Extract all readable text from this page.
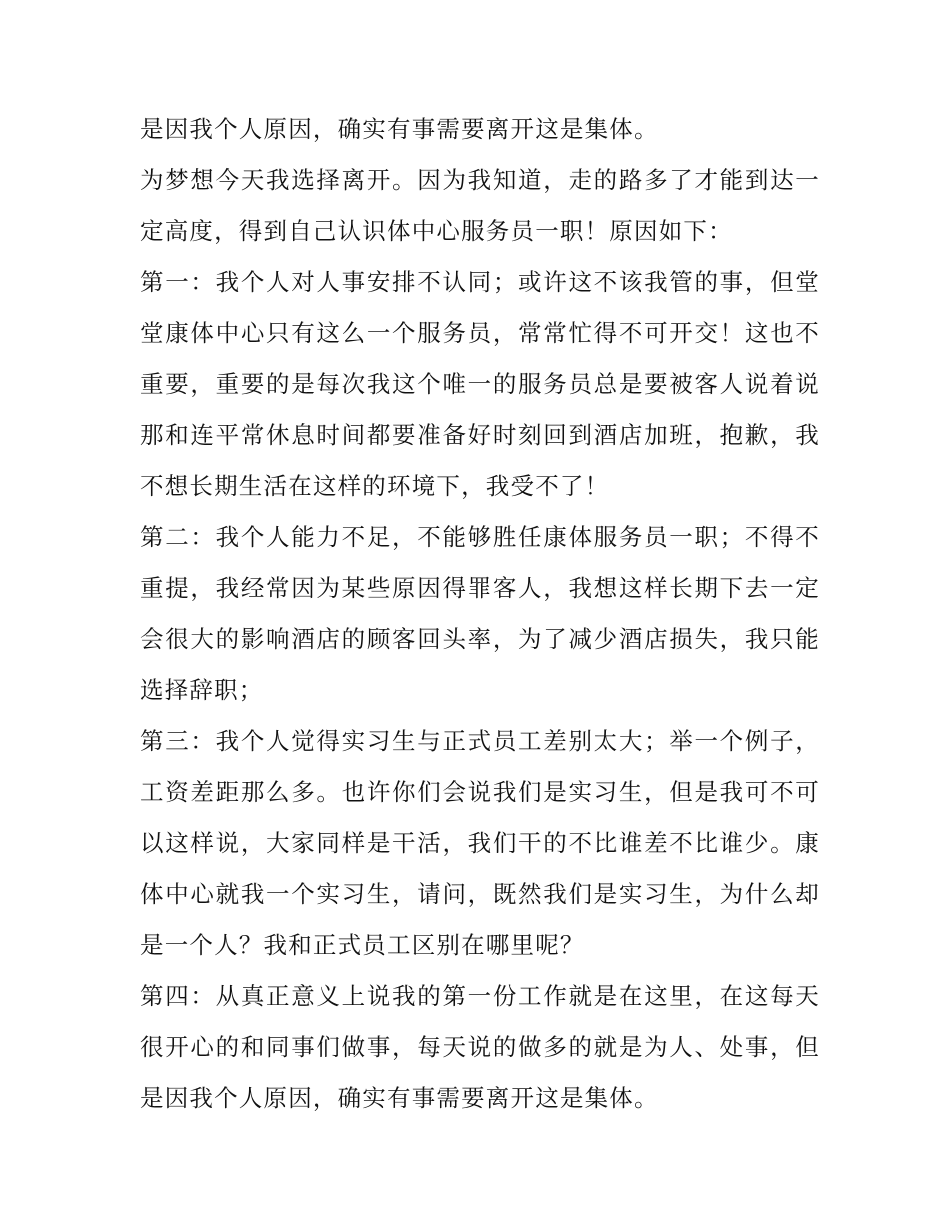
是因我个人原因，确实有事需要离开这是集体。

为梦想今天我选择离开。因为我知道，走的路多了才能到达一定高度，得到自己认识体中心服务员一职！原因如下：

第一：我个人对人事安排不认同；或许这不该我管的事，但堂堂康体中心只有这么一个服务员，常常忙得不可开交！这也不重要，重要的是每次我这个唯一的服务员总是要被客人说着说那和连平常休息时间都要准备好时刻回到酒店加班，抱歉，我不想长期生活在这样的环境下，我受不了！

第二：我个人能力不足，不能够胜任康体服务员一职；不得不重提，我经常因为某些原因得罪客人，我想这样长期下去一定会很大的影响酒店的顾客回头率，为了减少酒店损失，我只能选择辞职；

第三：我个人觉得实习生与正式员工差别太大；举一个例子，工资差距那么多。也许你们会说我们是实习生，但是我可不可以这样说，大家同样是干活，我们干的不比谁差不比谁少。康体中心就我一个实习生，请问，既然我们是实习生，为什么却是一个人？我和正式员工区别在哪里呢？

第四：从真正意义上说我的第一份工作就是在这里，在这每天很开心的和同事们做事，每天说的做多的就是为人、处事，但是因我个人原因，确实有事需要离开这是集体。
